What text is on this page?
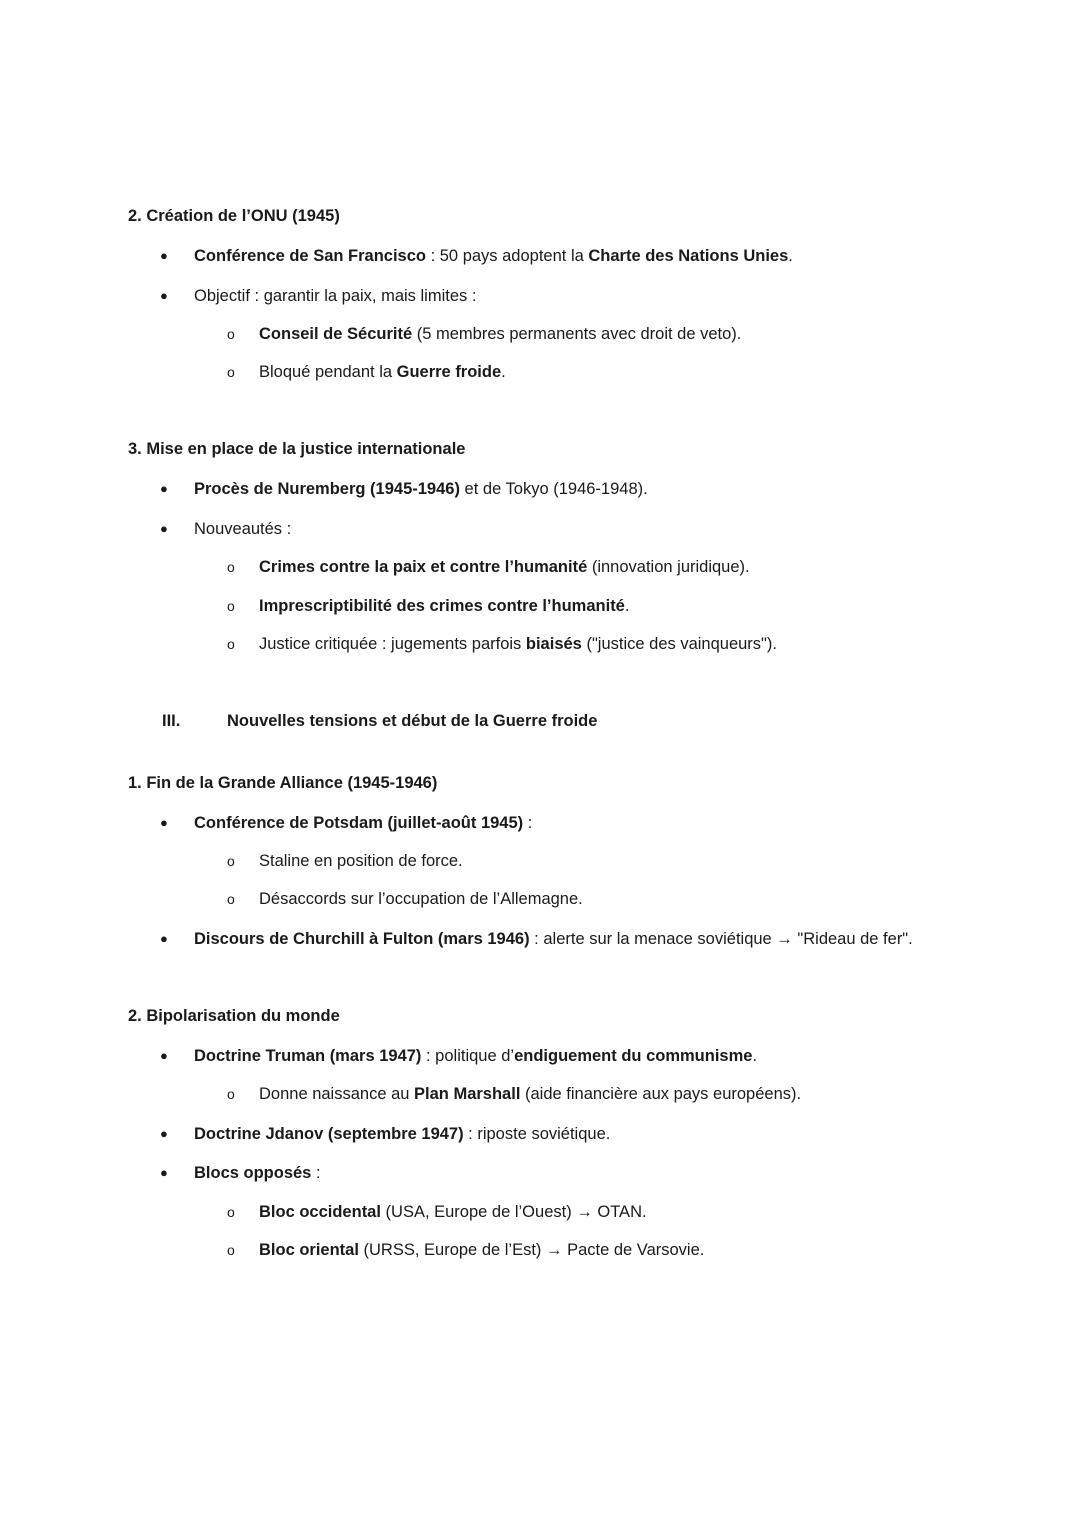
2. Création de l’ONU (1945)
● Conférence de San Francisco : 50 pays adoptent la Charte des Nations Unies.
● Objectif : garantir la paix, mais limites :
o Conseil de Sécurité (5 membres permanents avec droit de veto).
o Bloqué pendant la Guerre froide.
3. Mise en place de la justice internationale
● Procès de Nuremberg (1945-1946) et de Tokyo (1946-1948).
● Nouveautés :
o Crimes contre la paix et contre l’humanité (innovation juridique).
o Imprescriptibilité des crimes contre l’humanité.
o Justice critiquée : jugements parfois biaisés ("justice des vainqueurs").
III.	Nouvelles tensions et début de la Guerre froide
1. Fin de la Grande Alliance (1945-1946)
● Conférence de Potsdam (juillet-août 1945) :
o Staline en position de force.
o Désaccords sur l’occupation de l’Allemagne.
● Discours de Churchill à Fulton (mars 1946) : alerte sur la menace soviétique → "Rideau de fer".
2. Bipolarisation du monde
● Doctrine Truman (mars 1947) : politique d’endiguement du communisme.
o Donne naissance au Plan Marshall (aide financière aux pays européens).
● Doctrine Jdanov (septembre 1947) : riposte soviétique.
● Blocs opposés :
o Bloc occidental (USA, Europe de l’Ouest) → OTAN.
o Bloc oriental (URSS, Europe de l’Est) → Pacte de Varsovie.
